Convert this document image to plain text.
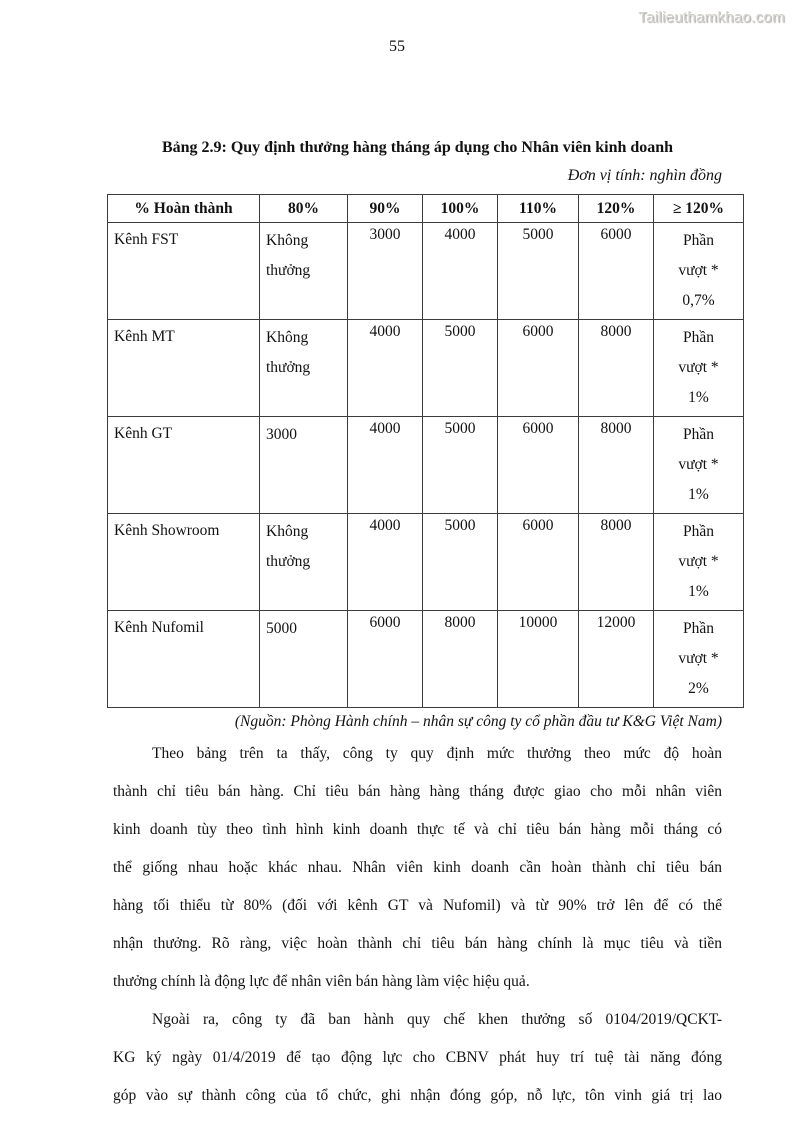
Tailieuthamkhao.com
55
Bảng 2.9: Quy định thưởng hàng tháng áp dụng cho Nhân viên kinh doanh
Đơn vị tính: nghìn đồng
% Hoàn thành	80%	90%	100%	110%	120%	≥ 120%
Kênh FST	Không
thưởng
	3000	4000	5000	6000	Phần
vượt *
0,7%

Kênh MT	Không
thưởng
	4000	5000	6000	8000	Phần
vượt *
1%

Kênh GT	3000	4000	5000	6000	8000	Phần
vượt *
1%

Kênh Showroom	Không
thưởng
	4000	5000	6000	8000	Phần
vượt *
1%

Kênh Nufomil	5000	6000	8000	10000	12000	Phần
vượt *
2%
(Nguồn: Phòng Hành chính – nhân sự công ty cổ phần đầu tư K&G Việt Nam)
Theo bảng trên ta thấy, công ty quy định mức thưởng theo mức độ hoàn
thành chỉ tiêu bán hàng. Chỉ tiêu bán hàng hàng tháng được giao cho mỗi nhân viên
kinh doanh tùy theo tình hình kinh doanh thực tế và chỉ tiêu bán hàng mỗi tháng có
thể giống nhau hoặc khác nhau. Nhân viên kinh doanh cần hoàn thành chỉ tiêu bán
hàng tối thiểu từ 80% (đối với kênh GT và Nufomil) và từ 90% trở lên để có thể
nhận thưởng. Rõ ràng, việc hoàn thành chỉ tiêu bán hàng chính là mục tiêu và tiền
thưởng chính là động lực để nhân viên bán hàng làm việc hiệu quả.
Ngoài ra, công ty đã ban hành quy chế khen thưởng số 0104/2019/QCKT-
KG ký ngày 01/4/2019 để tạo động lực cho CBNV phát huy trí tuệ tài năng đóng
góp vào sự thành công của tổ chức, ghi nhận đóng góp, nỗ lực, tôn vinh giá trị lao
